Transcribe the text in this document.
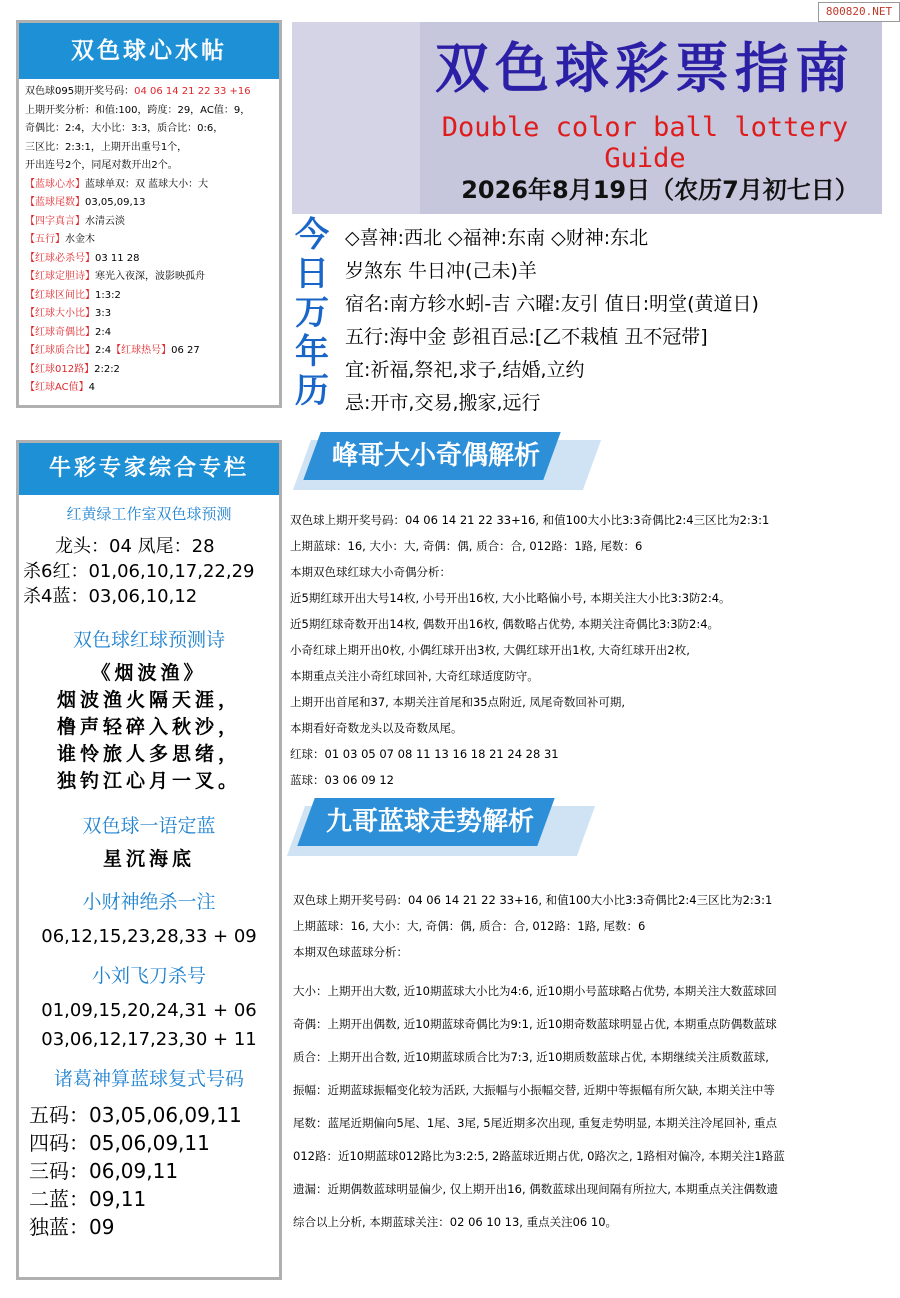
800820.NET
双色球心水帖
双色球095期开奖号码：04 06 14 21 22 33 +16
上期开奖分析：和值:100，跨度：29，AC值：9，
奇偶比：2:4，大小比：3:3，质合比：0:6，
三区比：2:3:1，上期开出重号1个，
开出连号2个，同尾对数开出2个。
【蓝球心水】蓝球单双：双 蓝球大小：大
【蓝球尾数】03,05,09,13
【四字真言】水清云淡
【五行】水金木
【红球必杀号】03 11 28
【红球定胆诗】寒光入夜深，波影映孤舟
【红球区间比】1:3:2
【红球大小比】3:3
【红球奇偶比】2:4
【红球质合比】2:4【红球热号】06 27
【红球012路】2:2:2
【红球AC值】4
牛彩专家综合专栏
红黄绿工作室双色球预测
龙头：04 凤尾：28
杀6红：01,06,10,17,22,29
杀4蓝：03,06,10,12
双色球红球预测诗
《烟波渔》
烟波渔火隔天涯，
橹声轻碎入秋沙，
谁怜旅人多思绪，
独钓江心月一叉。
双色球一语定蓝
星沉海底
小财神绝杀一注
06,12,15,23,28,33 + 09
小刘飞刀杀号
01,09,15,20,24,31 + 06
03,06,12,17,23,30 + 11
诸葛神算蓝球复式号码
五码：03,05,06,09,11
四码：05,06,09,11
三码：06,09,11
二蓝：09,11
独蓝：09
双色球彩票指南
Double color ball lottery Guide
2026年8月19日（农历7月初七日）
今
日
万
年
历
◇喜神:西北 ◇福神:东南 ◇财神:东北
岁煞东 牛日冲(己未)羊
宿名:南方轸水蚓-吉 六曜:友引 值日:明堂(黄道日)
五行:海中金 彭祖百忌:[乙不栽植 丑不冠带]
宜:祈福,祭祀,求子,结婚,立约
忌:开市,交易,搬家,远行
峰哥大小奇偶解析
双色球上期开奖号码：04 06 14 21 22 33+16, 和值100大小比3:3奇偶比2:4三区比为2:3:1
上期蓝球：16, 大小：大, 奇偶：偶, 质合：合, 012路：1路, 尾数：6
本期双色球红球大小奇偶分析：
近5期红球开出大号14枚, 小号开出16枚, 大小比略偏小号, 本期关注大小比3:3防2:4。
近5期红球奇数开出14枚, 偶数开出16枚, 偶数略占优势, 本期关注奇偶比3:3防2:4。
小奇红球上期开出0枚, 小偶红球开出3枚, 大偶红球开出1枚, 大奇红球开出2枚,
本期重点关注小奇红球回补, 大奇红球适度防守。
上期开出首尾和37, 本期关注首尾和35点附近, 凤尾奇数回补可期,
本期看好奇数龙头以及奇数凤尾。
红球：01 03 05 07 08 11 13 16 18 21 24 28 31
蓝球：03 06 09 12
九哥蓝球走势解析
双色球上期开奖号码：04 06 14 21 22 33+16, 和值100大小比3:3奇偶比2:4三区比为2:3:1
上期蓝球：16, 大小：大, 奇偶：偶, 质合：合, 012路：1路, 尾数：6
本期双色球蓝球分析：
大小：上期开出大数, 近10期蓝球大小比为4:6, 近10期小号蓝球略占优势, 本期关注大数蓝球回
奇偶：上期开出偶数, 近10期蓝球奇偶比为9:1, 近10期奇数蓝球明显占优, 本期重点防偶数蓝球
质合：上期开出合数, 近10期蓝球质合比为7:3, 近10期质数蓝球占优, 本期继续关注质数蓝球,
振幅：近期蓝球振幅变化较为活跃, 大振幅与小振幅交替, 近期中等振幅有所欠缺, 本期关注中等
尾数：蓝尾近期偏向5尾、1尾、3尾, 5尾近期多次出现, 重复走势明显, 本期关注冷尾回补, 重点
012路：近10期蓝球012路比为3:2:5, 2路蓝球近期占优, 0路次之, 1路相对偏冷, 本期关注1路蓝
遗漏：近期偶数蓝球明显偏少, 仅上期开出16, 偶数蓝球出现间隔有所拉大, 本期重点关注偶数遗
综合以上分析, 本期蓝球关注：02 06 10 13, 重点关注06 10。
